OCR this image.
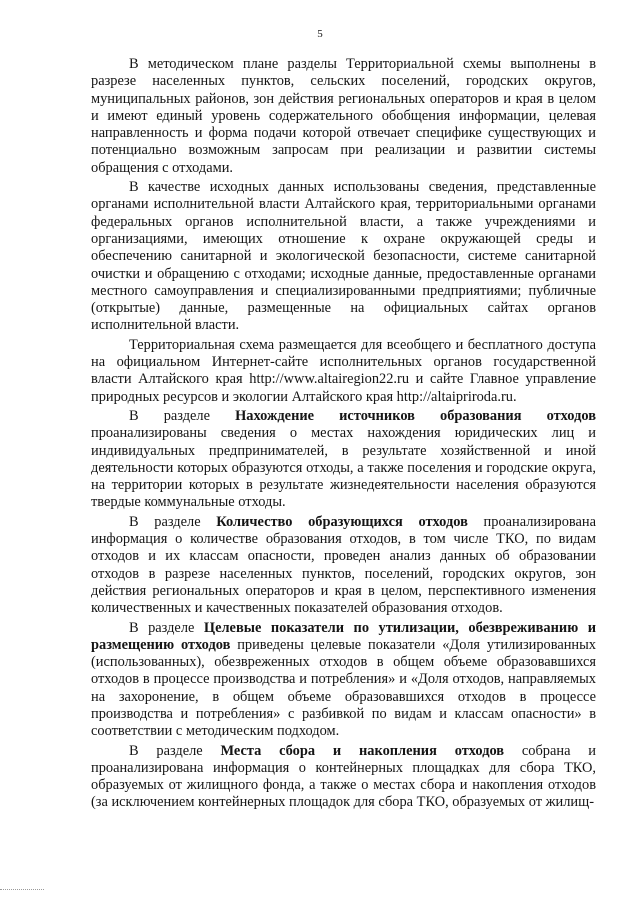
5

В методическом плане разделы Территориальной схемы выполнены в разрезе населенных пунктов, сельских поселений, городских округов, муниципальных районов, зон действия региональных операторов и края в целом и имеют единый уровень содержательного обобщения информации, целевая направленность и форма подачи которой отвечает специфике существующих и потенциально возможным запросам при реализации и развитии системы обращения с отходами.

В качестве исходных данных использованы сведения, представленные органами исполнительной власти Алтайского края, территориальными органами федеральных органов исполнительной власти, а также учреждениями и организациями, имеющих отношение к охране окружающей среды и обеспечению санитарной и экологической безопасности, системе санитарной очистки и обращению с отходами; исходные данные, предоставленные органами местного самоуправления и специализированными предприятиями; публичные (открытые) данные, размещенные на официальных сайтах органов исполнительной власти.

Территориальная схема размещается для всеобщего и бесплатного доступа на официальном Интернет-сайте исполнительных органов государственной власти Алтайского края http://www.altairegion22.ru и сайте Главное управление природных ресурсов и экологии Алтайского края http://altaipriroda.ru.

В разделе Нахождение источников образования отходов проанализированы сведения о местах нахождения юридических лиц и индивидуальных предпринимателей, в результате хозяйственной и иной деятельности которых образуются отходы, а также поселения и городские округа, на территории которых в результате жизнедеятельности населения образуются твердые коммунальные отходы.

В разделе Количество образующихся отходов проанализирована информация о количестве образования отходов, в том числе ТКО, по видам отходов и их классам опасности, проведен анализ данных об образовании отходов в разрезе населенных пунктов, поселений, городских округов, зон действия региональных операторов и края в целом, перспективного изменения количественных и качественных показателей образования отходов.

В разделе Целевые показатели по утилизации, обезвреживанию и размещению отходов приведены целевые показатели «Доля утилизированных (использованных), обезвреженных отходов в общем объеме образовавшихся отходов в процессе производства и потребления» и «Доля отходов, направляемых на захоронение, в общем объеме образовавшихся отходов в процессе производства и потребления» с разбивкой по видам и классам опасности» в соответствии с методическим подходом.

В разделе Места сбора и накопления отходов собрана и проанализирована информация о контейнерных площадках для сбора ТКО, образуемых от жилищного фонда, а также о местах сбора и накопления отходов (за исключением контейнерных площадок для сбора ТКО, образуемых от жилищ-
